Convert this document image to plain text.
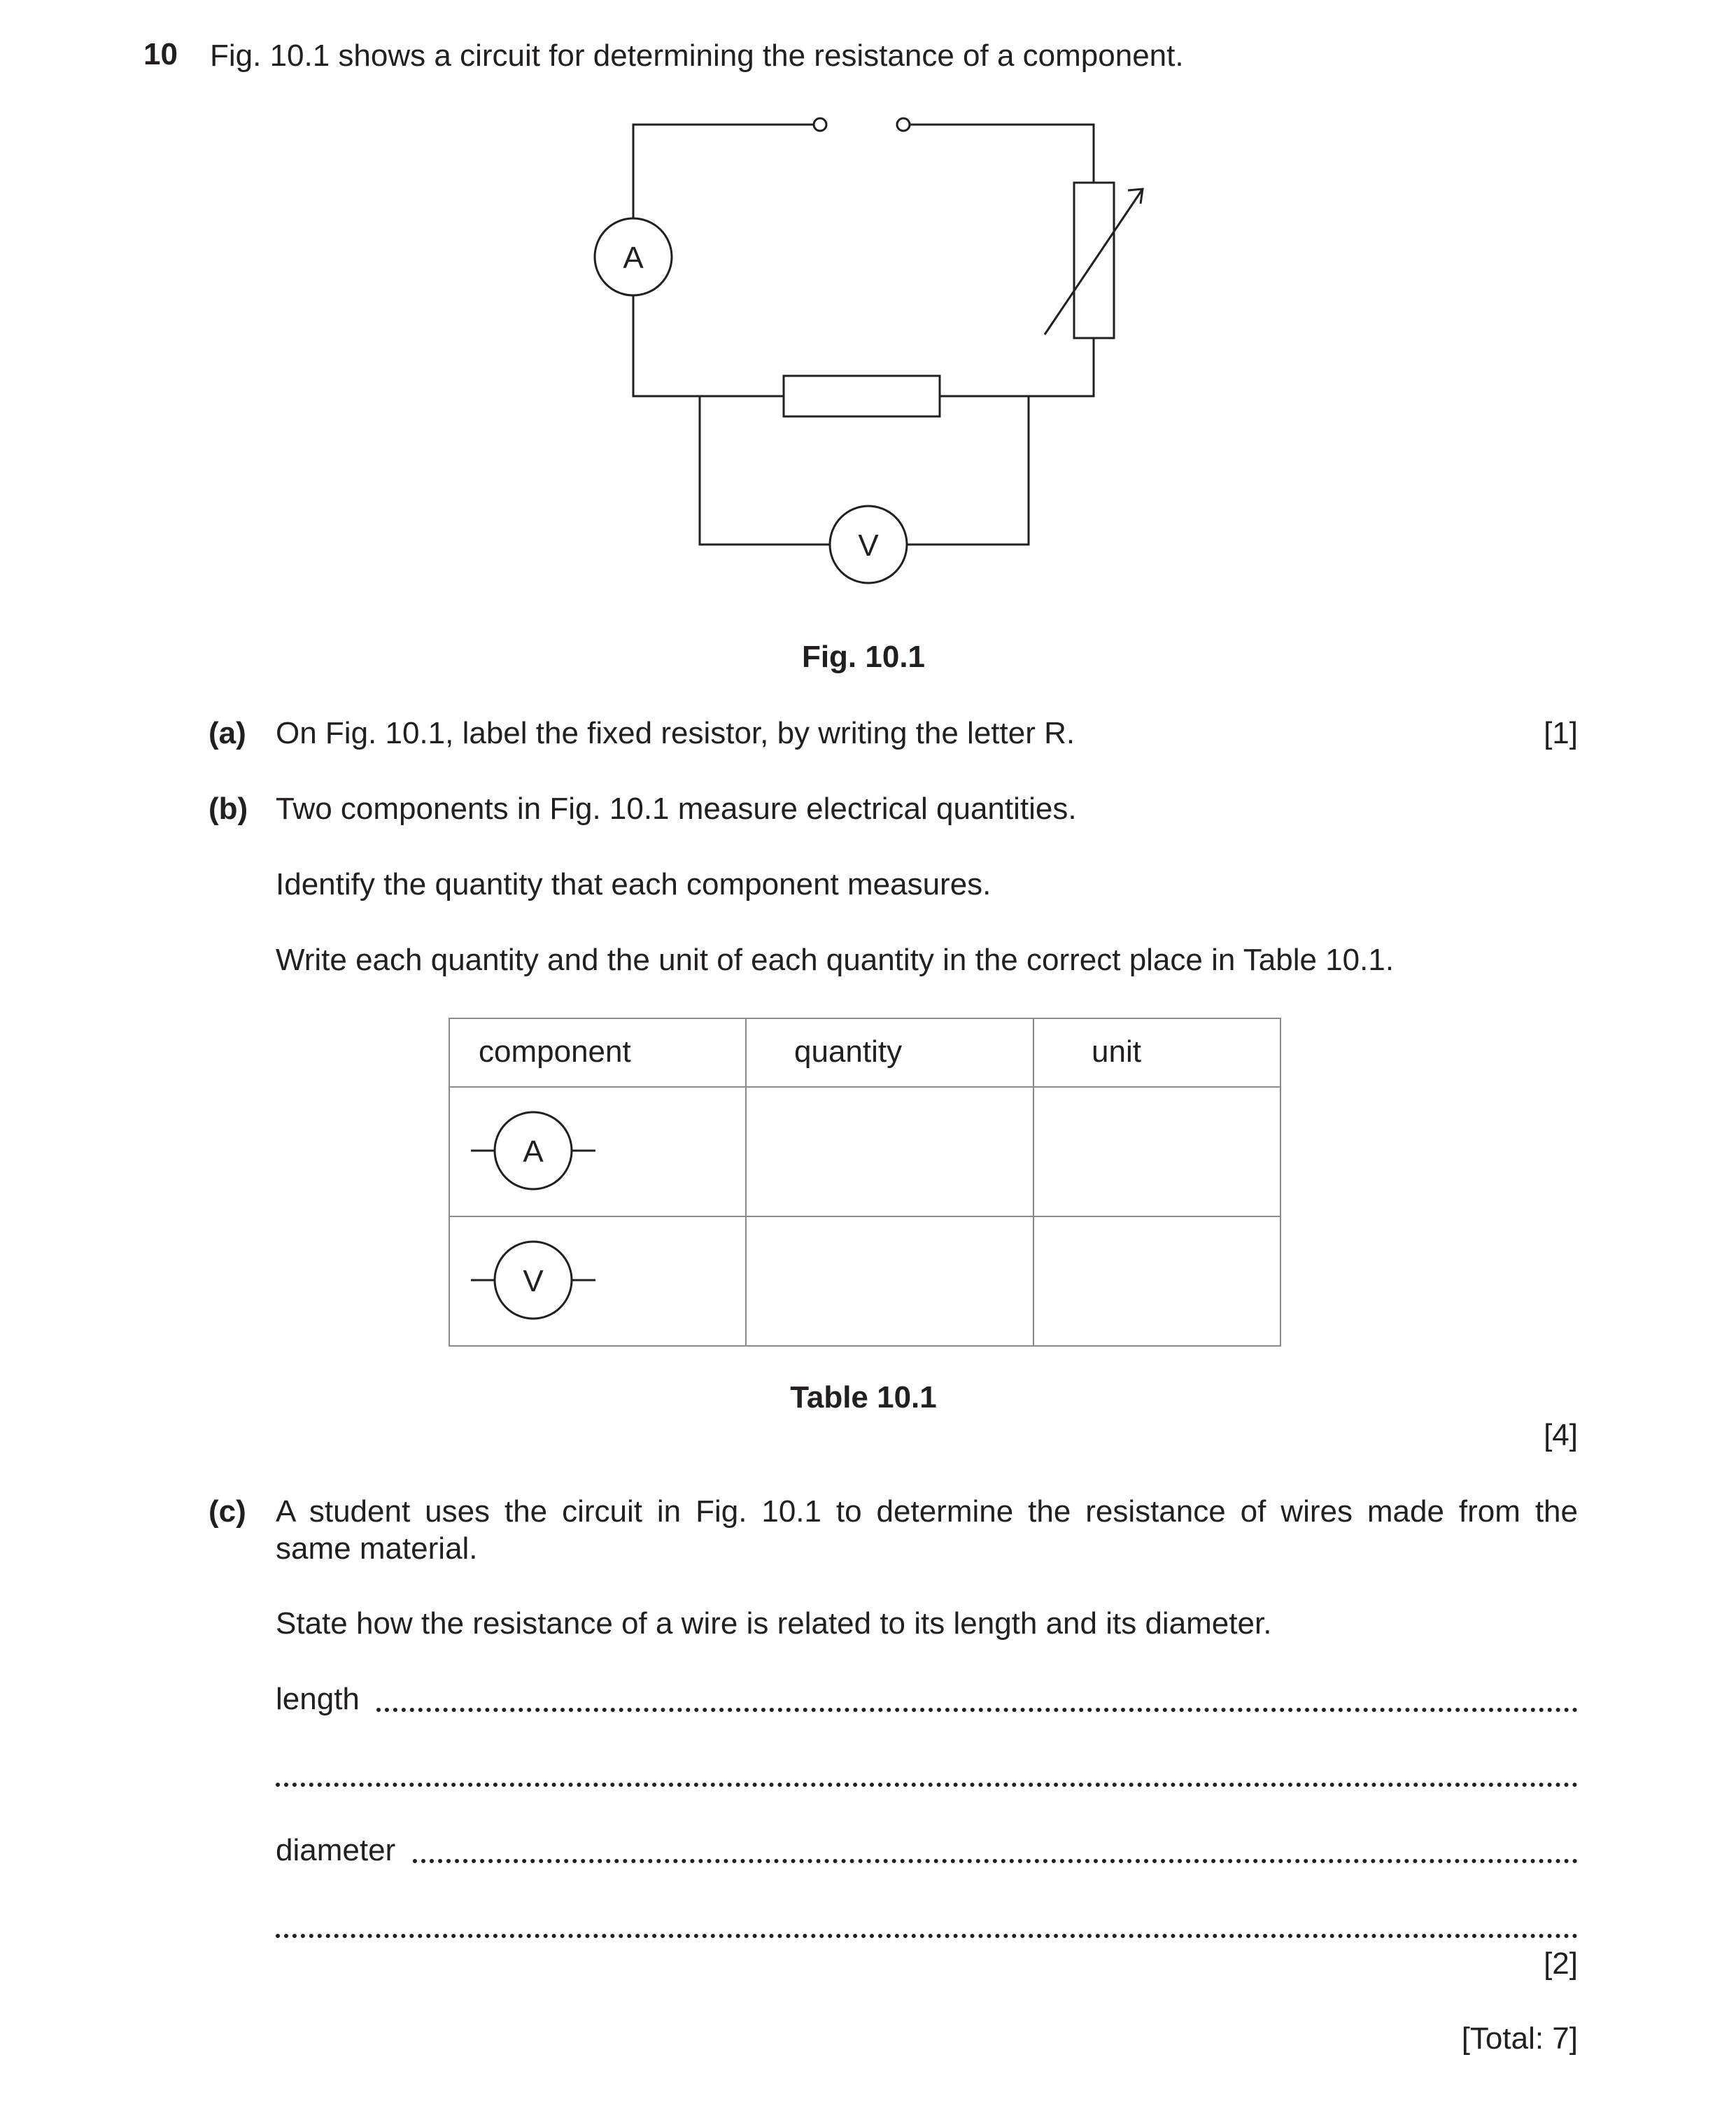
10 Fig. 10.1 shows a circuit for determining the resistance of a component.
A
V
Fig. 10.1
(a) On Fig. 10.1, label the fixed resistor, by writing the letter R.	[1]
(b) Two components in Fig. 10.1 measure electrical quantities.
Identify the quantity that each component measures.
Write each quantity and the unit of each quantity in the correct place in Table 10.1.
component	quantity	unit

A		

V		

Table 10.1
[4]
(c) A student uses the circuit in Fig. 10.1 to determine the resistance of wires made from the
same material.
State how the resistance of a wire is related to its length and its diameter.
length
diameter
[2]
[Total: 7]
